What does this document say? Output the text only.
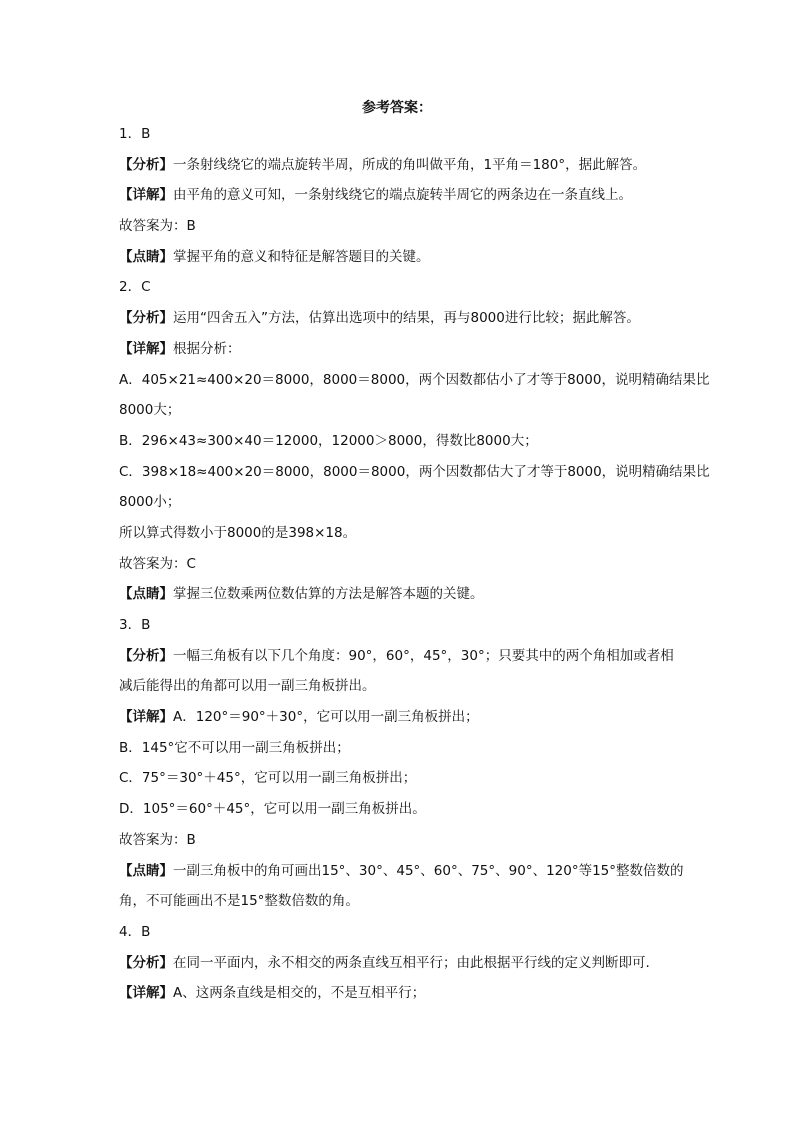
参考答案：
1．B
【分析】一条射线绕它的端点旋转半周，所成的角叫做平角，1平角＝180°，据此解答。
【详解】由平角的意义可知，一条射线绕它的端点旋转半周它的两条边在一条直线上。
故答案为：B
【点睛】掌握平角的意义和特征是解答题目的关键。
2．C
【分析】运用“四舍五入”方法，估算出选项中的结果，再与8000进行比较；据此解答。
【详解】根据分析：
A．405×21≈400×20＝8000，8000＝8000，两个因数都估小了才等于8000，说明精确结果比
8000大；
B．296×43≈300×40＝12000，12000＞8000，得数比8000大；
C．398×18≈400×20＝8000，8000＝8000，两个因数都估大了才等于8000，说明精确结果比
8000小；
所以算式得数小于8000的是398×18。
故答案为：C
【点睛】掌握三位数乘两位数估算的方法是解答本题的关键。
3．B
【分析】一幅三角板有以下几个角度：90°，60°，45°，30°；只要其中的两个角相加或者相
减后能得出的角都可以用一副三角板拼出。
【详解】A．120°＝90°＋30°，它可以用一副三角板拼出；
B．145°它不可以用一副三角板拼出；
C．75°＝30°＋45°，它可以用一副三角板拼出；
D．105°＝60°＋45°，它可以用一副三角板拼出。
故答案为：B
【点睛】一副三角板中的角可画出15°、30°、45°、60°、75°、90°、120°等15°整数倍数的
角，不可能画出不是15°整数倍数的角。
4．B
【分析】在同一平面内，永不相交的两条直线互相平行；由此根据平行线的定义判断即可.
【详解】A、这两条直线是相交的，不是互相平行；
